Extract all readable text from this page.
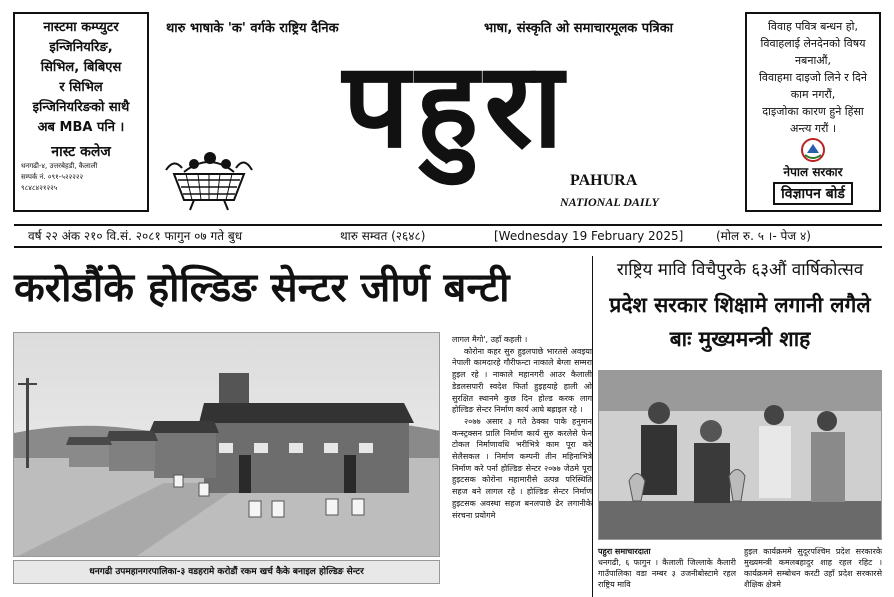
नास्टमा कम्प्युटर
इन्जिनियरिङ,
सिभिल, बिबिएस
र सिभिल
इन्जिनियरिङको साथै
अब MBA पनि ।
नास्ट कलेज
धनगढी-४, उत्तरबेहडी, कैलाली
सम्पर्क नं. ०९१-५२२२२२
९८४८४२१२२५
थारु भाषाके 'क' वर्गके राष्ट्रिय दैनिक	भाषा, संस्कृति ओ समाचारमूलक पत्रिका
पहुरा
PAHURA
NATIONAL DAILY
विवाह पवित्र बन्धन हो,
विवाहलाई लेनदेनको विषय
नबनाऔं,
विवाहमा दाइजो लिने र दिने
काम नगरौं,
दाइजोका कारण हुने हिंसा
अन्त्य गरौं ।
नेपाल सरकार
विज्ञापन बोर्ड
वर्ष २२ अंक २१० वि.सं. २०८१ फागुन ०७ गते बुध	थारु सम्वत (२६४८)	[Wednesday 19 February 2025]	(मोल रु. ५ ।- पेज ४)
करोडौंके होल्डिङ सेन्टर जीर्ण बन्टी
धनगढी उपमहानगरपालिका-३ वडहरामे करोडौं रकम खर्च कैके बनाइल होल्डिङ सेन्टर

लागल मैगो', उहाँ कहली ।

कोरोना कहर सुरु हुइलपाछे भारतसे अवइया नेपाली कामदारहे गौरीफन्टा नाकाले बेग्ला सम्मरा हुइल रहे । नाकाले महानगरी आउर कैलाली डेडलसपारी स्वदेश फिर्ता हुइहयाहे हाली ओ सुरक्षित स्थानमे कुछ दिन होल्ड करक लाग होल्डिङ सेन्टर निर्माण कार्य आघे बह्राइल रहे ।

२०७७ असार ३ गते ठेक्का पाके हनुमान कन्स्ट्रक्सन प्रालि निर्माण कार्य सुरु करलेसे फेन टोकल निर्माणावधि भरीभित्रे काम पूरा करे सेलैसकल । निर्माण कम्पनी तीन महिनाभित्रे निर्माण करे पर्ना होल्डिङ सेन्टर २०७७ जेठमे पूरा हुइटसक कोरोना महामारीसे उत्पन्न परिस्थिति सहज बने लागल रहे । होल्डिङ सेन्टर निर्माण हुइटसक अवस्था सहज बनलपाछे ढेर लगानीके संरचना प्रयोगमे

राष्ट्रिय मावि विचैपुरके ६३औं वार्षिकोत्सव
प्रदेश सरकार शिक्षामे लगानी लगैले बाः मुख्यमन्त्री शाह

पहुरा समाचारदाता

धनगढी, ६ फागुन । कैलाली जिल्लाके कैलारी गाउँपालिका वडा नम्बर ३ उजनीबोस्टामे रहल राष्ट्रिय मावि

हुइल कार्यक्रममे सुदूरपश्चिम प्रदेश सरकारके मुख्यमन्त्री कमलबहादुर शाह रहल रहिट । कार्यक्रममे सम्बोधन करटी उहाँ प्रदेश सरकारसे शैक्षिक क्षेत्रमे
